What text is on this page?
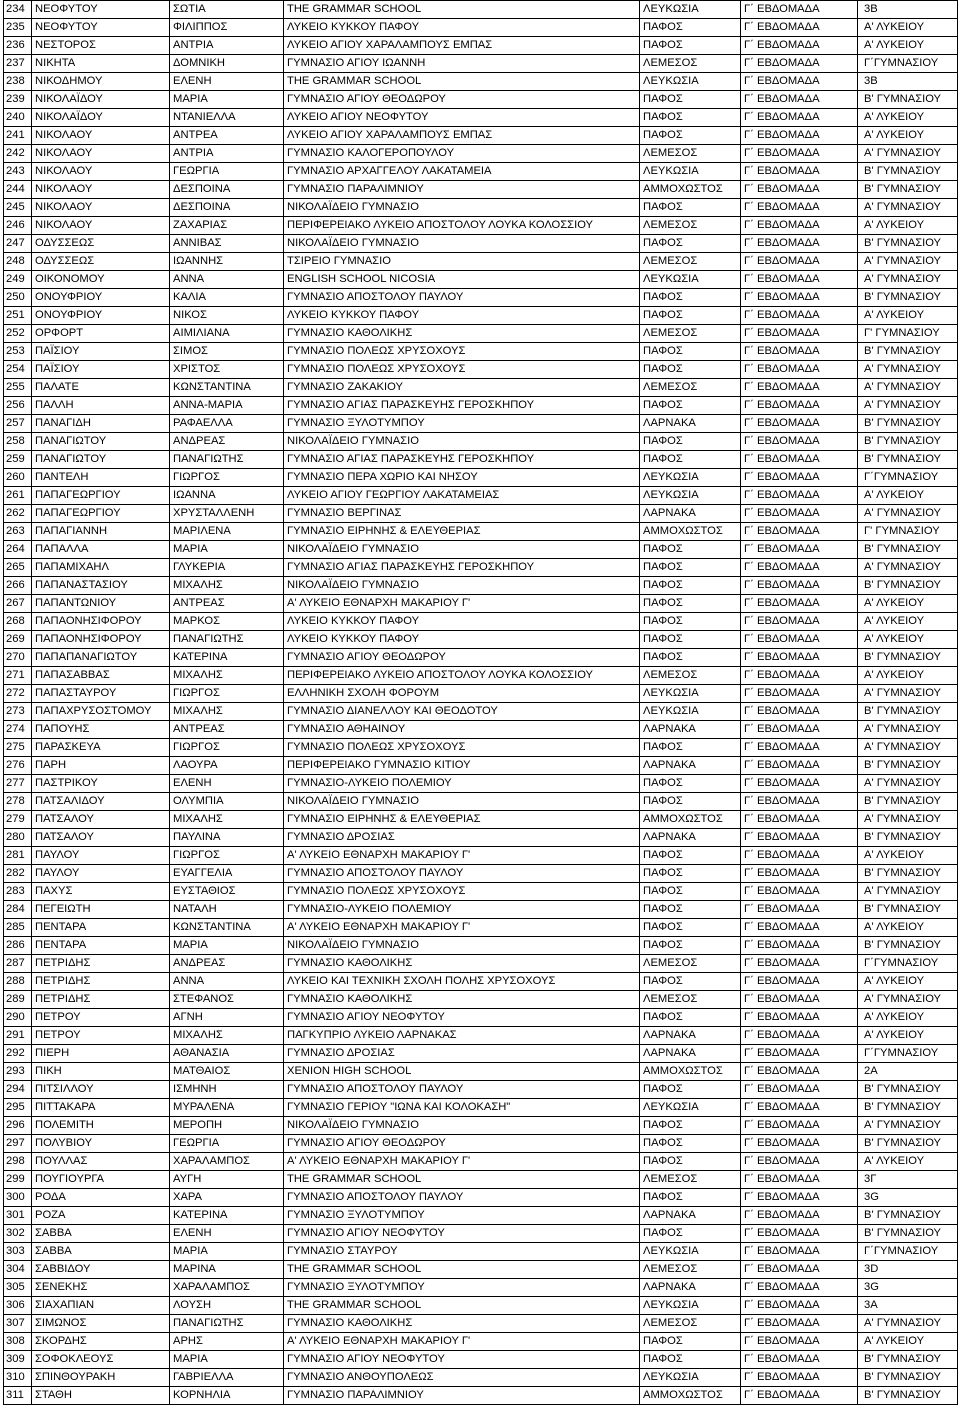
234	ΝΕΟΦΥΤΟΥ	ΣΩΤΙΑ	THE GRAMMAR SCHOOL	ΛΕΥΚΩΣΙΑ	Γ΄ ΕΒΔΟΜΑΔΑ	3Β
235	ΝΕΟΦΥΤΟΥ	ΦΙΛΙΠΠΟΣ	ΛΥΚΕΙΟ ΚΥΚΚΟΥ ΠΑΦΟΥ	ΠΑΦΟΣ	Γ΄ ΕΒΔΟΜΑΔΑ	Α' ΛΥΚΕΙΟΥ
236	ΝΕΣΤΟΡΟΣ	ΑΝΤΡΙΑ	ΛΥΚΕΙΟ ΑΓΙΟΥ ΧΑΡΑΛΑΜΠΟΥΣ ΕΜΠΑΣ	ΠΑΦΟΣ	Γ΄ ΕΒΔΟΜΑΔΑ	Α' ΛΥΚΕΙΟΥ
237	ΝΙΚΗΤΑ	ΔΟΜΝΙΚΗ	ΓΥΜΝΑΣΙΟ ΑΓΙΟΥ ΙΩΑΝΝΗ	ΛΕΜΕΣΟΣ	Γ΄ ΕΒΔΟΜΑΔΑ	Γ΄ΓΥΜΝΑΣΙΟΥ
238	ΝΙΚΟΔΗΜΟΥ	ΕΛΕΝΗ	THE GRAMMAR SCHOOL	ΛΕΥΚΩΣΙΑ	Γ΄ ΕΒΔΟΜΑΔΑ	3Β
239	ΝΙΚΟΛΑΪΔΟΥ	ΜΑΡΙΑ	ΓΥΜΝΑΣΙΟ ΑΓΙΟΥ ΘΕΟΔΩΡΟΥ	ΠΑΦΟΣ	Γ΄ ΕΒΔΟΜΑΔΑ	Β' ΓΥΜΝΑΣΙΟΥ
240	ΝΙΚΟΛΑΪΔΟΥ	ΝΤΑΝΙΕΛΛΑ	ΛΥΚΕΙΟ ΑΓΙΟΥ ΝΕΟΦΥΤΟΥ	ΠΑΦΟΣ	Γ΄ ΕΒΔΟΜΑΔΑ	Α' ΛΥΚΕΙΟΥ
241	ΝΙΚΟΛΑΟΥ	ΑΝΤΡΕΑ	ΛΥΚΕΙΟ ΑΓΙΟΥ ΧΑΡΑΛΑΜΠΟΥΣ ΕΜΠΑΣ	ΠΑΦΟΣ	Γ΄ ΕΒΔΟΜΑΔΑ	Α' ΛΥΚΕΙΟΥ
242	ΝΙΚΟΛΑΟΥ	ΑΝΤΡΙΑ	ΓΥΜΝΑΣΙΟ ΚΑΛΟΓΕΡΟΠΟΥΛΟΥ	ΛΕΜΕΣΟΣ	Γ΄ ΕΒΔΟΜΑΔΑ	Α' ΓΥΜΝΑΣΙΟΥ
243	ΝΙΚΟΛΑΟΥ	ΓΕΩΡΓΙΑ	ΓΥΜΝΑΣΙΟ ΑΡΧΑΓΓΕΛΟΥ ΛΑΚΑΤΑΜΕΙΑ	ΛΕΥΚΩΣΙΑ	Γ΄ ΕΒΔΟΜΑΔΑ	Β' ΓΥΜΝΑΣΙΟΥ
244	ΝΙΚΟΛΑΟΥ	ΔΕΣΠΟΙΝΑ	ΓΥΜΝΑΣΙΟ ΠΑΡΑΛΙΜΝΙΟΥ	ΑΜΜΟΧΩΣΤΟΣ	Γ΄ ΕΒΔΟΜΑΔΑ	Β' ΓΥΜΝΑΣΙΟΥ
245	ΝΙΚΟΛΑΟΥ	ΔΕΣΠΟΙΝΑ	ΝΙΚΟΛΑΪΔΕΙΟ ΓΥΜΝΑΣΙΟ	ΠΑΦΟΣ	Γ΄ ΕΒΔΟΜΑΔΑ	Α' ΓΥΜΝΑΣΙΟΥ
246	ΝΙΚΟΛΑΟΥ	ΖΑΧΑΡΙΑΣ	ΠΕΡΙΦΕΡΕΙΑΚΟ ΛΥΚΕΙΟ ΑΠΟΣΤΟΛΟΥ ΛΟΥΚΑ ΚΟΛΟΣΣΙΟΥ	ΛΕΜΕΣΟΣ	Γ΄ ΕΒΔΟΜΑΔΑ	Α' ΛΥΚΕΙΟΥ
247	ΟΔΥΣΣΕΩΣ	ΑΝΝΙΒΑΣ	ΝΙΚΟΛΑΪΔΕΙΟ ΓΥΜΝΑΣΙΟ	ΠΑΦΟΣ	Γ΄ ΕΒΔΟΜΑΔΑ	Β' ΓΥΜΝΑΣΙΟΥ
248	ΟΔΥΣΣΕΩΣ	ΙΩΑΝΝΗΣ	ΤΣΙΡΕΙΟ ΓΥΜΝΑΣΙΟ	ΛΕΜΕΣΟΣ	Γ΄ ΕΒΔΟΜΑΔΑ	Α' ΓΥΜΝΑΣΙΟΥ
249	ΟΙΚΟΝΟΜΟΥ	ΑΝΝΑ	ENGLISH SCHOOL NICOSIA	ΛΕΥΚΩΣΙΑ	Γ΄ ΕΒΔΟΜΑΔΑ	Α' ΓΥΜΝΑΣΙΟΥ
250	ΟΝΟΥΦΡΙΟΥ	ΚΑΛΙΑ	ΓΥΜΝΑΣΙΟ ΑΠΟΣΤΟΛΟΥ ΠΑΥΛΟΥ	ΠΑΦΟΣ	Γ΄ ΕΒΔΟΜΑΔΑ	Β' ΓΥΜΝΑΣΙΟΥ
251	ΟΝΟΥΦΡΙΟΥ	ΝΙΚΟΣ	ΛΥΚΕΙΟ ΚΥΚΚΟΥ ΠΑΦΟΥ	ΠΑΦΟΣ	Γ΄ ΕΒΔΟΜΑΔΑ	Α' ΛΥΚΕΙΟΥ
252	ΟΡΦΟΡΤ	ΑΙΜΙΛΙΑΝΑ	ΓΥΜΝΑΣΙΟ ΚΑΘΟΛΙΚΗΣ	ΛΕΜΕΣΟΣ	Γ΄ ΕΒΔΟΜΑΔΑ	Γ' ΓΥΜΝΑΣΙΟΥ
253	ΠΑΪΣΙΟΥ	ΣΙΜΟΣ	ΓΥΜΝΑΣΙΟ ΠΟΛΕΩΣ ΧΡΥΣΟΧΟΥΣ	ΠΑΦΟΣ	Γ΄ ΕΒΔΟΜΑΔΑ	Β' ΓΥΜΝΑΣΙΟΥ
254	ΠΑΪΣΙΟΥ	ΧΡΙΣΤΟΣ	ΓΥΜΝΑΣΙΟ ΠΟΛΕΩΣ ΧΡΥΣΟΧΟΥΣ	ΠΑΦΟΣ	Γ΄ ΕΒΔΟΜΑΔΑ	Α' ΓΥΜΝΑΣΙΟΥ
255	ΠΑΛΑΤΕ	ΚΩΝΣΤΑΝΤΙΝΑ	ΓΥΜΝΑΣΙΟ ΖΑΚΑΚΙΟΥ	ΛΕΜΕΣΟΣ	Γ΄ ΕΒΔΟΜΑΔΑ	Α' ΓΥΜΝΑΣΙΟΥ
256	ΠΑΛΛΗ	ΑΝΝΑ-ΜΑΡΙΑ	ΓΥΜΝΑΣΙΟ ΑΓΙΑΣ ΠΑΡΑΣΚΕΥΗΣ ΓΕΡΟΣΚΗΠΟΥ	ΠΑΦΟΣ	Γ΄ ΕΒΔΟΜΑΔΑ	Α' ΓΥΜΝΑΣΙΟΥ
257	ΠΑΝΑΓΙΔΗ	ΡΑΦΑΕΛΛΑ	ΓΥΜΝΑΣΙΟ ΞΥΛΟΤΥΜΠΟΥ	ΛΑΡΝΑΚΑ	Γ΄ ΕΒΔΟΜΑΔΑ	Β' ΓΥΜΝΑΣΙΟΥ
258	ΠΑΝΑΓΙΩΤΟΥ	ΑΝΔΡΕΑΣ	ΝΙΚΟΛΑΪΔΕΙΟ ΓΥΜΝΑΣΙΟ	ΠΑΦΟΣ	Γ΄ ΕΒΔΟΜΑΔΑ	Β' ΓΥΜΝΑΣΙΟΥ
259	ΠΑΝΑΓΙΩΤΟΥ	ΠΑΝΑΓΙΩΤΗΣ	ΓΥΜΝΑΣΙΟ ΑΓΙΑΣ ΠΑΡΑΣΚΕΥΗΣ ΓΕΡΟΣΚΗΠΟΥ	ΠΑΦΟΣ	Γ΄ ΕΒΔΟΜΑΔΑ	Β' ΓΥΜΝΑΣΙΟΥ
260	ΠΑΝΤΕΛΗ	ΓΙΩΡΓΟΣ	ΓΥΜΝΑΣΙΟ ΠΕΡΑ ΧΩΡΙΟ ΚΑΙ ΝΗΣΟΥ	ΛΕΥΚΩΣΙΑ	Γ΄ ΕΒΔΟΜΑΔΑ	Γ΄ΓΥΜΝΑΣΙΟΥ
261	ΠΑΠΑΓΕΩΡΓΙΟΥ	ΙΩΑΝΝΑ	ΛΥΚΕΙΟ ΑΓΙΟΥ ΓΕΩΡΓΙΟΥ ΛΑΚΑΤΑΜΕΙΑΣ	ΛΕΥΚΩΣΙΑ	Γ΄ ΕΒΔΟΜΑΔΑ	Α' ΛΥΚΕΙΟΥ
262	ΠΑΠΑΓΕΩΡΓΙΟΥ	ΧΡΥΣΤΑΛΛΕΝΗ	ΓΥΜΝΑΣΙΟ ΒΕΡΓΙΝΑΣ	ΛΑΡΝΑΚΑ	Γ΄ ΕΒΔΟΜΑΔΑ	Α' ΓΥΜΝΑΣΙΟΥ
263	ΠΑΠΑΓΙΑΝΝΗ	ΜΑΡΙΛΕΝΑ	ΓΥΜΝΑΣΙΟ ΕΙΡΗΝΗΣ & ΕΛΕΥΘΕΡΙΑΣ	ΑΜΜΟΧΩΣΤΟΣ	Γ΄ ΕΒΔΟΜΑΔΑ	Γ' ΓΥΜΝΑΣΙΟΥ
264	ΠΑΠΑΛΛΑ	ΜΑΡΙΑ	ΝΙΚΟΛΑΪΔΕΙΟ ΓΥΜΝΑΣΙΟ	ΠΑΦΟΣ	Γ΄ ΕΒΔΟΜΑΔΑ	Β' ΓΥΜΝΑΣΙΟΥ
265	ΠΑΠΑΜΙΧΑΗΛ	ΓΛΥΚΕΡΙΑ	ΓΥΜΝΑΣΙΟ ΑΓΙΑΣ ΠΑΡΑΣΚΕΥΗΣ ΓΕΡΟΣΚΗΠΟΥ	ΠΑΦΟΣ	Γ΄ ΕΒΔΟΜΑΔΑ	Α' ΓΥΜΝΑΣΙΟΥ
266	ΠΑΠΑΝΑΣΤΑΣΙΟΥ	ΜΙΧΑΛΗΣ	ΝΙΚΟΛΑΪΔΕΙΟ ΓΥΜΝΑΣΙΟ	ΠΑΦΟΣ	Γ΄ ΕΒΔΟΜΑΔΑ	Β' ΓΥΜΝΑΣΙΟΥ
267	ΠΑΠΑΝΤΩΝΙΟΥ	ΑΝΤΡΕΑΣ	Α' ΛΥΚΕΙΟ ΕΘΝΑΡΧΗ ΜΑΚΑΡΙΟΥ Γ'	ΠΑΦΟΣ	Γ΄ ΕΒΔΟΜΑΔΑ	Α' ΛΥΚΕΙΟΥ
268	ΠΑΠΑΟΝΗΣΙΦΟΡΟΥ	ΜΑΡΚΟΣ	ΛΥΚΕΙΟ ΚΥΚΚΟΥ ΠΑΦΟΥ	ΠΑΦΟΣ	Γ΄ ΕΒΔΟΜΑΔΑ	Α' ΛΥΚΕΙΟΥ
269	ΠΑΠΑΟΝΗΣΙΦΟΡΟΥ	ΠΑΝΑΓΙΩΤΗΣ	ΛΥΚΕΙΟ ΚΥΚΚΟΥ ΠΑΦΟΥ	ΠΑΦΟΣ	Γ΄ ΕΒΔΟΜΑΔΑ	Α' ΛΥΚΕΙΟΥ
270	ΠΑΠΑΠΑΝΑΓΙΩΤΟΥ	ΚΑΤΕΡΙΝΑ	ΓΥΜΝΑΣΙΟ ΑΓΙΟΥ ΘΕΟΔΩΡΟΥ	ΠΑΦΟΣ	Γ΄ ΕΒΔΟΜΑΔΑ	Β' ΓΥΜΝΑΣΙΟΥ
271	ΠΑΠΑΣΑΒΒΑΣ	ΜΙΧΑΛΗΣ	ΠΕΡΙΦΕΡΕΙΑΚΟ ΛΥΚΕΙΟ ΑΠΟΣΤΟΛΟΥ ΛΟΥΚΑ ΚΟΛΟΣΣΙΟΥ	ΛΕΜΕΣΟΣ	Γ΄ ΕΒΔΟΜΑΔΑ	Α' ΛΥΚΕΙΟΥ
272	ΠΑΠΑΣΤΑΥΡΟΥ	ΓΙΩΡΓΟΣ	ΕΛΛΗΝΙΚΗ ΣΧΟΛΗ ΦΟΡΟΥΜ	ΛΕΥΚΩΣΙΑ	Γ΄ ΕΒΔΟΜΑΔΑ	Α' ΓΥΜΝΑΣΙΟΥ
273	ΠΑΠΑΧΡΥΣΟΣΤΟΜΟΥ	ΜΙΧΑΛΗΣ	ΓΥΜΝΑΣΙΟ ΔΙΑΝΕΛΛΟΥ ΚΑΙ ΘΕΟΔΟΤΟΥ	ΛΕΥΚΩΣΙΑ	Γ΄ ΕΒΔΟΜΑΔΑ	Β' ΓΥΜΝΑΣΙΟΥ
274	ΠΑΠΟΥΗΣ	ΑΝΤΡΕΑΣ	ΓΥΜΝΑΣΙΟ ΑΘΗΑΙΝΟΥ	ΛΑΡΝΑΚΑ	Γ΄ ΕΒΔΟΜΑΔΑ	Α' ΓΥΜΝΑΣΙΟΥ
275	ΠΑΡΑΣΚΕΥΑ	ΓΙΩΡΓΟΣ	ΓΥΜΝΑΣΙΟ ΠΟΛΕΩΣ ΧΡΥΣΟΧΟΥΣ	ΠΑΦΟΣ	Γ΄ ΕΒΔΟΜΑΔΑ	Α' ΓΥΜΝΑΣΙΟΥ
276	ΠΑΡΗ	ΛΑΟΥΡΑ	ΠΕΡΙΦΕΡΕΙΑΚΟ ΓΥΜΝΑΣΙΟ ΚΙΤΙΟΥ	ΛΑΡΝΑΚΑ	Γ΄ ΕΒΔΟΜΑΔΑ	Β' ΓΥΜΝΑΣΙΟΥ
277	ΠΑΣΤΡΙΚΟΥ	ΕΛΕΝΗ	ΓΥΜΝΑΣΙΟ-ΛΥΚΕΙΟ ΠΟΛΕΜΙΟΥ	ΠΑΦΟΣ	Γ΄ ΕΒΔΟΜΑΔΑ	Α' ΓΥΜΝΑΣΙΟΥ
278	ΠΑΤΣΑΛΙΔΟΥ	ΟΛΥΜΠΙΑ	ΝΙΚΟΛΑΪΔΕΙΟ ΓΥΜΝΑΣΙΟ	ΠΑΦΟΣ	Γ΄ ΕΒΔΟΜΑΔΑ	Β' ΓΥΜΝΑΣΙΟΥ
279	ΠΑΤΣΑΛΟΥ	ΜΙΧΑΛΗΣ	ΓΥΜΝΑΣΙΟ ΕΙΡΗΝΗΣ & ΕΛΕΥΘΕΡΙΑΣ	ΑΜΜΟΧΩΣΤΟΣ	Γ΄ ΕΒΔΟΜΑΔΑ	Α' ΓΥΜΝΑΣΙΟΥ
280	ΠΑΤΣΑΛΟΥ	ΠΑΥΛΙΝΑ	ΓΥΜΝΑΣΙΟ ΔΡΟΣΙΑΣ	ΛΑΡΝΑΚΑ	Γ΄ ΕΒΔΟΜΑΔΑ	Β' ΓΥΜΝΑΣΙΟΥ
281	ΠΑΥΛΟΥ	ΓΙΩΡΓΟΣ	Α' ΛΥΚΕΙΟ ΕΘΝΑΡΧΗ ΜΑΚΑΡΙΟΥ Γ'	ΠΑΦΟΣ	Γ΄ ΕΒΔΟΜΑΔΑ	Α' ΛΥΚΕΙΟΥ
282	ΠΑΥΛΟΥ	ΕΥΑΓΓΕΛΙΑ	ΓΥΜΝΑΣΙΟ ΑΠΟΣΤΟΛΟΥ ΠΑΥΛΟΥ	ΠΑΦΟΣ	Γ΄ ΕΒΔΟΜΑΔΑ	Β' ΓΥΜΝΑΣΙΟΥ
283	ΠΑΧΥΣ	ΕΥΣΤΑΘΙΟΣ	ΓΥΜΝΑΣΙΟ ΠΟΛΕΩΣ ΧΡΥΣΟΧΟΥΣ	ΠΑΦΟΣ	Γ΄ ΕΒΔΟΜΑΔΑ	Α' ΓΥΜΝΑΣΙΟΥ
284	ΠΕΓΕΙΩΤΗ	ΝΑΤΑΛΗ	ΓΥΜΝΑΣΙΟ-ΛΥΚΕΙΟ ΠΟΛΕΜΙΟΥ	ΠΑΦΟΣ	Γ΄ ΕΒΔΟΜΑΔΑ	Β' ΓΥΜΝΑΣΙΟΥ
285	ΠΕΝΤΑΡΑ	ΚΩΝΣΤΑΝΤΙΝΑ	Α' ΛΥΚΕΙΟ ΕΘΝΑΡΧΗ ΜΑΚΑΡΙΟΥ Γ'	ΠΑΦΟΣ	Γ΄ ΕΒΔΟΜΑΔΑ	Α' ΛΥΚΕΙΟΥ
286	ΠΕΝΤΑΡΑ	ΜΑΡΙΑ	ΝΙΚΟΛΑΪΔΕΙΟ ΓΥΜΝΑΣΙΟ	ΠΑΦΟΣ	Γ΄ ΕΒΔΟΜΑΔΑ	Β' ΓΥΜΝΑΣΙΟΥ
287	ΠΕΤΡΙΔΗΣ	ΑΝΔΡΕΑΣ	ΓΥΜΝΑΣΙΟ ΚΑΘΟΛΙΚΗΣ	ΛΕΜΕΣΟΣ	Γ΄ ΕΒΔΟΜΑΔΑ	Γ΄ΓΥΜΝΑΣΙΟΥ
288	ΠΕΤΡΙΔΗΣ	ΑΝΝΑ	ΛΥΚΕΙΟ ΚΑΙ ΤΕΧΝΙΚΗ ΣΧΟΛΗ ΠΟΛΗΣ ΧΡΥΣΟΧΟΥΣ	ΠΑΦΟΣ	Γ΄ ΕΒΔΟΜΑΔΑ	Α' ΛΥΚΕΙΟΥ
289	ΠΕΤΡΙΔΗΣ	ΣΤΕΦΑΝΟΣ	ΓΥΜΝΑΣΙΟ ΚΑΘΟΛΙΚΗΣ	ΛΕΜΕΣΟΣ	Γ΄ ΕΒΔΟΜΑΔΑ	Α' ΓΥΜΝΑΣΙΟΥ
290	ΠΕΤΡΟΥ	ΑΓΝΗ	ΓΥΜΝΑΣΙΟ ΑΓΙΟΥ ΝΕΟΦΥΤΟΥ	ΠΑΦΟΣ	Γ΄ ΕΒΔΟΜΑΔΑ	Α' ΛΥΚΕΙΟΥ
291	ΠΕΤΡΟΥ	ΜΙΧΑΛΗΣ	ΠΑΓΚΥΠΡΙΟ ΛΥΚΕΙΟ ΛΑΡΝΑΚΑΣ	ΛΑΡΝΑΚΑ	Γ΄ ΕΒΔΟΜΑΔΑ	Α' ΛΥΚΕΙΟΥ
292	ΠΙΕΡΗ	ΑΘΑΝΑΣΙΑ	ΓΥΜΝΑΣΙΟ ΔΡΟΣΙΑΣ	ΛΑΡΝΑΚΑ	Γ΄ ΕΒΔΟΜΑΔΑ	Γ΄ΓΥΜΝΑΣΙΟΥ
293	ΠΙΚΗ	ΜΑΤΘΑΙΟΣ	XENION HIGH SCHOOL	ΑΜΜΟΧΩΣΤΟΣ	Γ΄ ΕΒΔΟΜΑΔΑ	2Α
294	ΠΙΤΣΙΛΛΟΥ	ΙΣΜΗΝΗ	ΓΥΜΝΑΣΙΟ ΑΠΟΣΤΟΛΟΥ ΠΑΥΛΟΥ	ΠΑΦΟΣ	Γ΄ ΕΒΔΟΜΑΔΑ	Β' ΓΥΜΝΑΣΙΟΥ
295	ΠΙΤΤΑΚΑΡΑ	ΜΥΡΑΛΕΝΑ	ΓΥΜΝΑΣΙΟ ΓΕΡΙΟΥ "ΙΩΝΑ ΚΑΙ ΚΟΛΟΚΑΣΗ"	ΛΕΥΚΩΣΙΑ	Γ΄ ΕΒΔΟΜΑΔΑ	Β' ΓΥΜΝΑΣΙΟΥ
296	ΠΟΛΕΜΙΤΗ	ΜΕΡΟΠΗ	ΝΙΚΟΛΑΪΔΕΙΟ ΓΥΜΝΑΣΙΟ	ΠΑΦΟΣ	Γ΄ ΕΒΔΟΜΑΔΑ	Α' ΓΥΜΝΑΣΙΟΥ
297	ΠΟΛΥΒΙΟΥ	ΓΕΩΡΓΙΑ	ΓΥΜΝΑΣΙΟ ΑΓΙΟΥ ΘΕΟΔΩΡΟΥ	ΠΑΦΟΣ	Γ΄ ΕΒΔΟΜΑΔΑ	Β' ΓΥΜΝΑΣΙΟΥ
298	ΠΟΥΛΛΑΣ	ΧΑΡΑΛΑΜΠΟΣ	Α' ΛΥΚΕΙΟ ΕΘΝΑΡΧΗ ΜΑΚΑΡΙΟΥ Γ'	ΠΑΦΟΣ	Γ΄ ΕΒΔΟΜΑΔΑ	Α' ΛΥΚΕΙΟΥ
299	ΠΟΥΓΙΟΥΡΓΑ	ΑΥΓΗ	THE GRAMMAR SCHOOL	ΛΕΜΕΣΟΣ	Γ΄ ΕΒΔΟΜΑΔΑ	3Γ
300	ΡΟΔΑ	ΧΑΡΑ	ΓΥΜΝΑΣΙΟ ΑΠΟΣΤΟΛΟΥ ΠΑΥΛΟΥ	ΠΑΦΟΣ	Γ΄ ΕΒΔΟΜΑΔΑ	3G
301	ΡΟΖΑ	ΚΑΤΕΡΙΝΑ	ΓΥΜΝΑΣΙΟ ΞΥΛΟΤΥΜΠΟΥ	ΛΑΡΝΑΚΑ	Γ΄ ΕΒΔΟΜΑΔΑ	Β' ΓΥΜΝΑΣΙΟΥ
302	ΣΑΒΒΑ	ΕΛΕΝΗ	ΓΥΜΝΑΣΙΟ ΑΓΙΟΥ ΝΕΟΦΥΤΟΥ	ΠΑΦΟΣ	Γ΄ ΕΒΔΟΜΑΔΑ	Β' ΓΥΜΝΑΣΙΟΥ
303	ΣΑΒΒΑ	ΜΑΡΙΑ	ΓΥΜΝΑΣΙΟ ΣΤΑΥΡΟΥ	ΛΕΥΚΩΣΙΑ	Γ΄ ΕΒΔΟΜΑΔΑ	Γ΄ΓΥΜΝΑΣΙΟΥ
304	ΣΑΒΒΙΔΟΥ	ΜΑΡΙΝΑ	THE GRAMMAR SCHOOL	ΛΕΜΕΣΟΣ	Γ΄ ΕΒΔΟΜΑΔΑ	3D
305	ΣΕΝΕΚΗΣ	ΧΑΡΑΛΑΜΠΟΣ	ΓΥΜΝΑΣΙΟ ΞΥΛΟΤΥΜΠΟΥ	ΛΑΡΝΑΚΑ	Γ΄ ΕΒΔΟΜΑΔΑ	3G
306	ΣΙΑΧΑΠΙΑΝ	ΛΟΥΣΗ	THE GRAMMAR SCHOOL	ΛΕΥΚΩΣΙΑ	Γ΄ ΕΒΔΟΜΑΔΑ	3Α
307	ΣΙΜΩΝΟΣ	ΠΑΝΑΓΙΩΤΗΣ	ΓΥΜΝΑΣΙΟ ΚΑΘΟΛΙΚΗΣ	ΛΕΜΕΣΟΣ	Γ΄ ΕΒΔΟΜΑΔΑ	Α' ΓΥΜΝΑΣΙΟΥ
308	ΣΚΟΡΔΗΣ	ΑΡΗΣ	Α' ΛΥΚΕΙΟ ΕΘΝΑΡΧΗ ΜΑΚΑΡΙΟΥ Γ'	ΠΑΦΟΣ	Γ΄ ΕΒΔΟΜΑΔΑ	Α' ΛΥΚΕΙΟΥ
309	ΣΟΦΟΚΛΕΟΥΣ	ΜΑΡΙΑ	ΓΥΜΝΑΣΙΟ ΑΓΙΟΥ ΝΕΟΦΥΤΟΥ	ΠΑΦΟΣ	Γ΄ ΕΒΔΟΜΑΔΑ	Β' ΓΥΜΝΑΣΙΟΥ
310	ΣΠΙΝΘΟΥΡΑΚΗ	ΓΑΒΡΙΕΛΛΑ	ΓΥΜΝΑΣΙΟ ΑΝΘΟΥΠΟΛΕΩΣ	ΛΕΥΚΩΣΙΑ	Γ΄ ΕΒΔΟΜΑΔΑ	Β' ΓΥΜΝΑΣΙΟΥ
311	ΣΤΑΘΗ	ΚΟΡΝΗΛΙΑ	ΓΥΜΝΑΣΙΟ ΠΑΡΑΛΙΜΝΙΟΥ	ΑΜΜΟΧΩΣΤΟΣ	Γ΄ ΕΒΔΟΜΑΔΑ	Β' ΓΥΜΝΑΣΙΟΥ
